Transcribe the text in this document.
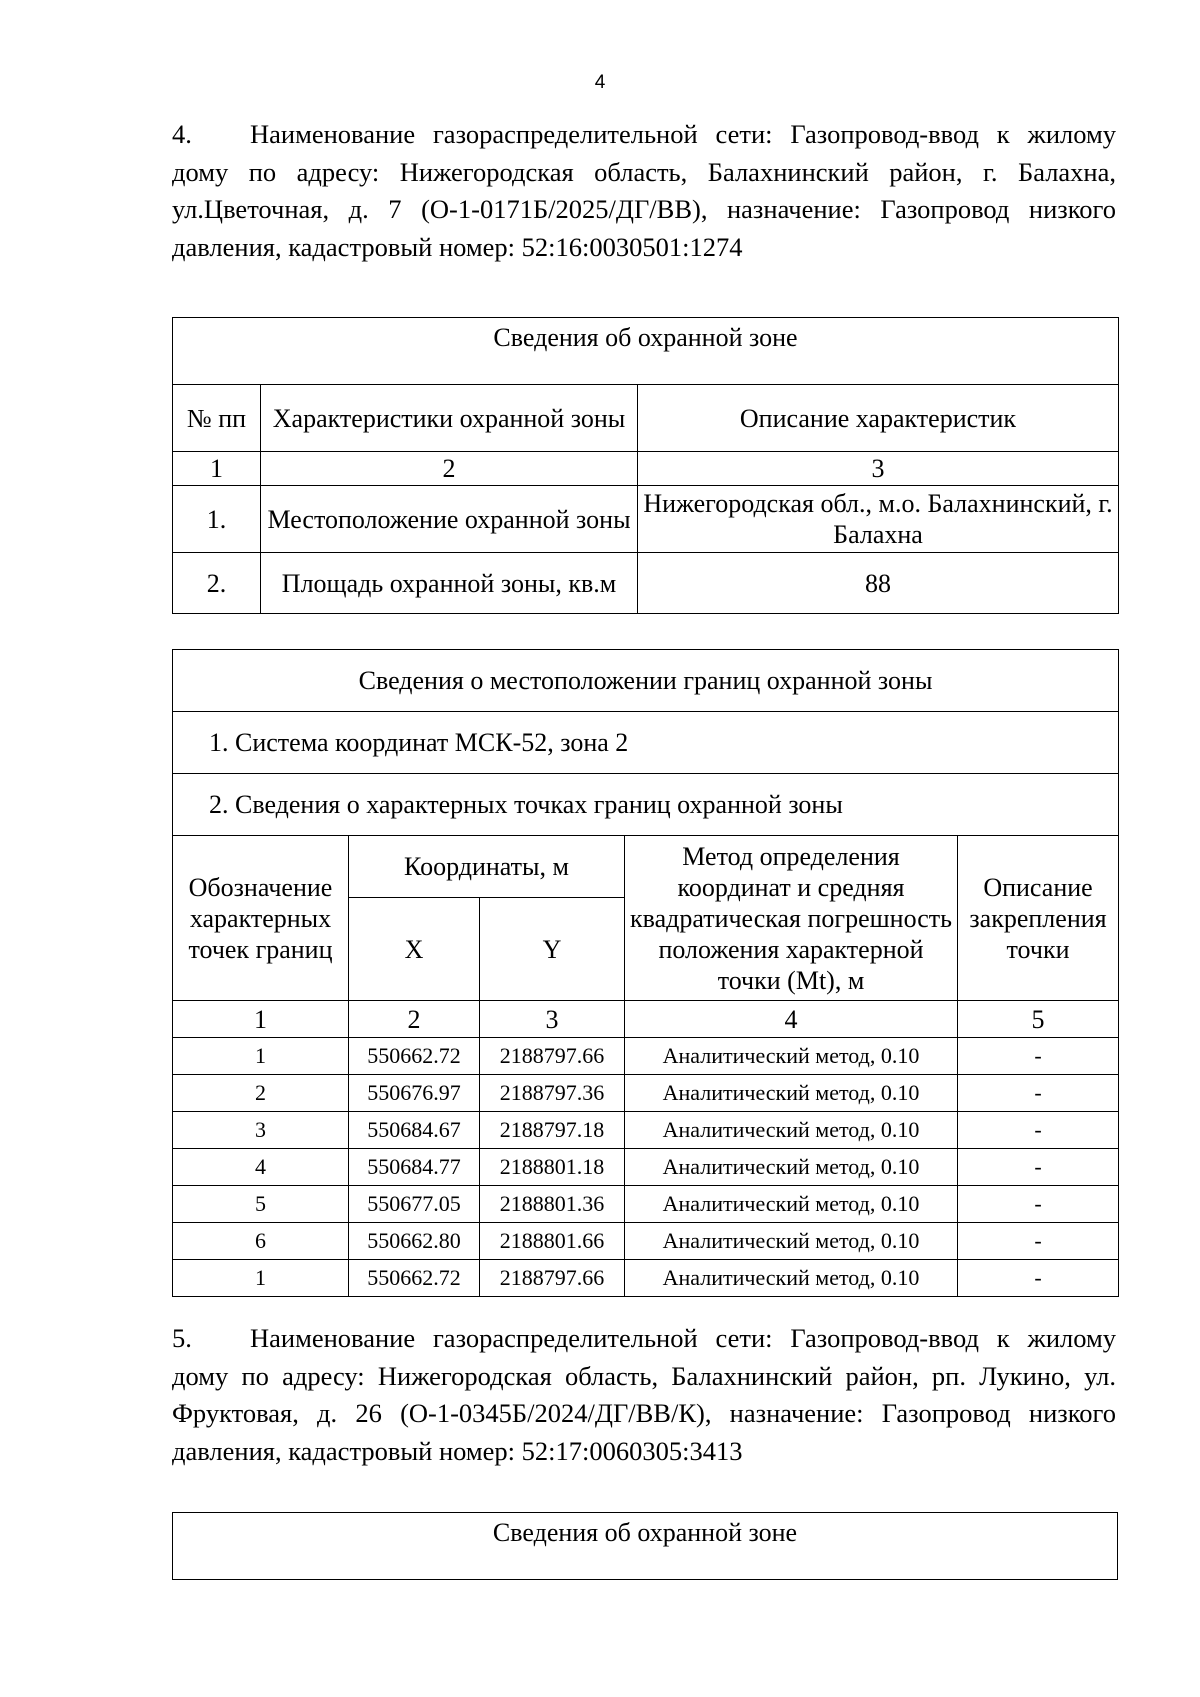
4
4. Наименование газораспределительной сети: Газопровод-ввод к жилому дому по адресу: Нижегородская область, Балахнинский район, г. Балахна, ул.Цветочная, д. 7 (О-1-0171Б/2025/ДГ/ВВ), назначение: Газопровод низкого давления, кадастровый номер: 52:16:0030501:1274
Сведения об охранной зоне		
№ пп	Характеристики охранной зоны	Описание характеристик
1	2	3
1.	Местоположение охранной зоны	Нижегородская обл., м.о. Балахнинский, г. Балахна
2.	Площадь охранной зоны, кв.м	88
Сведения о местоположении границ охранной зоны				
1. Система координат МСК-52, зона 2				
2. Сведения о характерных точках границ охранной зоны				
Обозначение характерных точек границ	Координаты, м		Метод определения координат и средняя квадратическая погрешность положения характерной точки (Mt), м	Описание закрепления точки
	X	Y		
1	2	3	4	5
1	550662.72	2188797.66	Аналитический метод, 0.10	-
2	550676.97	2188797.36	Аналитический метод, 0.10	-
3	550684.67	2188797.18	Аналитический метод, 0.10	-
4	550684.77	2188801.18	Аналитический метод, 0.10	-
5	550677.05	2188801.36	Аналитический метод, 0.10	-
6	550662.80	2188801.66	Аналитический метод, 0.10	-
1	550662.72	2188797.66	Аналитический метод, 0.10	-
5. Наименование газораспределительной сети: Газопровод-ввод к жилому дому по адресу: Нижегородская область, Балахнинский район, рп. Лукино, ул. Фруктовая, д. 26 (О-1-0345Б/2024/ДГ/ВВ/К), назначение: Газопровод низкого давления, кадастровый номер: 52:17:0060305:3413
Сведения об охранной зоне
